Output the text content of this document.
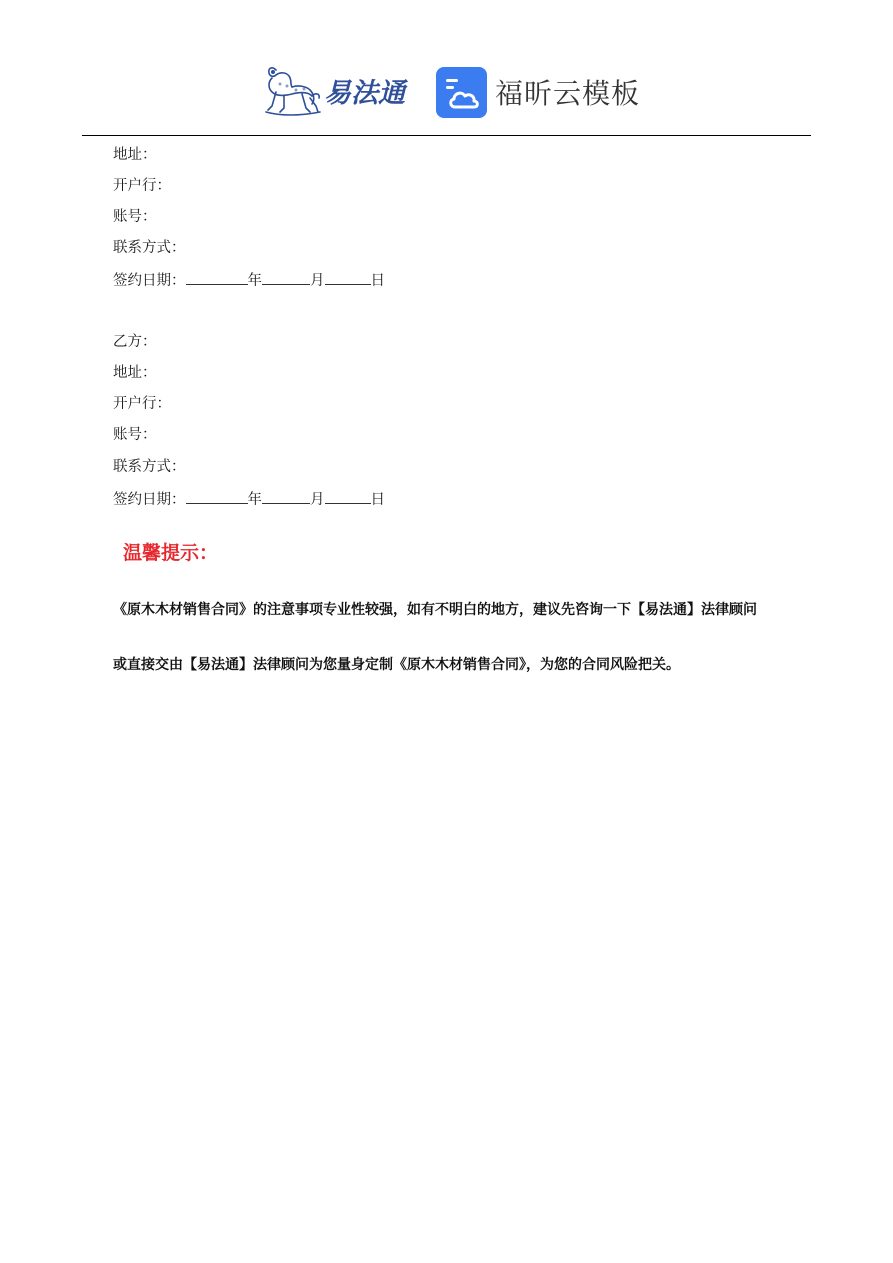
易法通	福昕云模板
地址：
开户行：
账号：
联系方式：
签约日期：	年	月	日
乙方：
地址：
开户行：
账号：
联系方式：
签约日期：	年	月	日
温馨提示：
《原木木材销售合同》的注意事项专业性较强，如有不明白的地方，建议先咨询一下【易法通】法律顾问
或直接交由【易法通】法律顾问为您量身定制《原木木材销售合同》，为您的合同风险把关。
